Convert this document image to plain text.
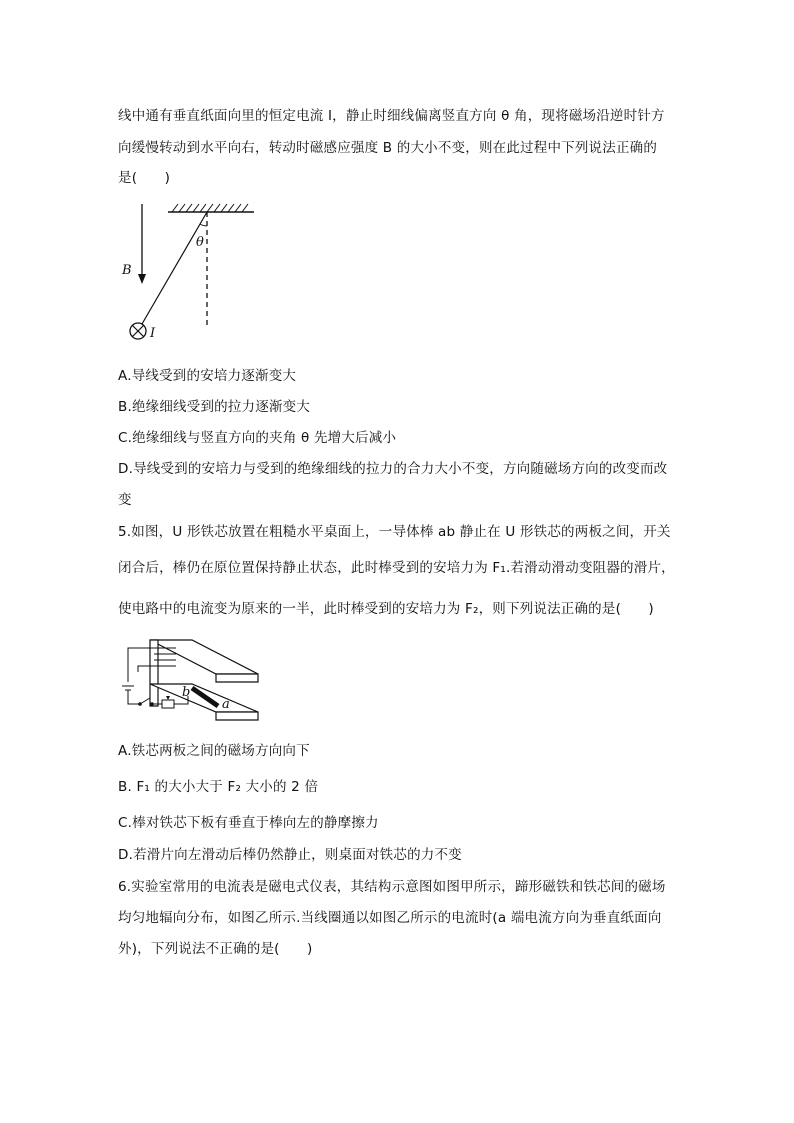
线中通有垂直纸面向里的恒定电流 I，静止时细线偏离竖直方向 θ 角，现将磁场沿逆时针方
向缓慢转动到水平向右，转动时磁感应强度 B 的大小不变，则在此过程中下列说法正确的
是(　　)
θ
B
I
A.导线受到的安培力逐渐变大
B.绝缘细线受到的拉力逐渐变大
C.绝缘细线与竖直方向的夹角 θ 先增大后减小
D.导线受到的安培力与受到的绝缘细线的拉力的合力大小不变，方向随磁场方向的改变而改
变
5.如图，U 形铁芯放置在粗糙水平桌面上，一导体棒 ab 静止在 U 形铁芯的两板之间，开关
闭合后，棒仍在原位置保持静止状态，此时棒受到的安培力为 F₁.若滑动滑动变阻器的滑片，
使电路中的电流变为原来的一半，此时棒受到的安培力为 F₂，则下列说法正确的是(　　)
b
a
A.铁芯两板之间的磁场方向向下
B. F₁ 的大小大于 F₂ 大小的 2 倍
C.棒对铁芯下板有垂直于棒向左的静摩擦力
D.若滑片向左滑动后棒仍然静止，则桌面对铁芯的力不变
6.实验室常用的电流表是磁电式仪表，其结构示意图如图甲所示，蹄形磁铁和铁芯间的磁场
均匀地辐向分布，如图乙所示.当线圈通以如图乙所示的电流时(a 端电流方向为垂直纸面向
外)，下列说法不正确的是(　　)
